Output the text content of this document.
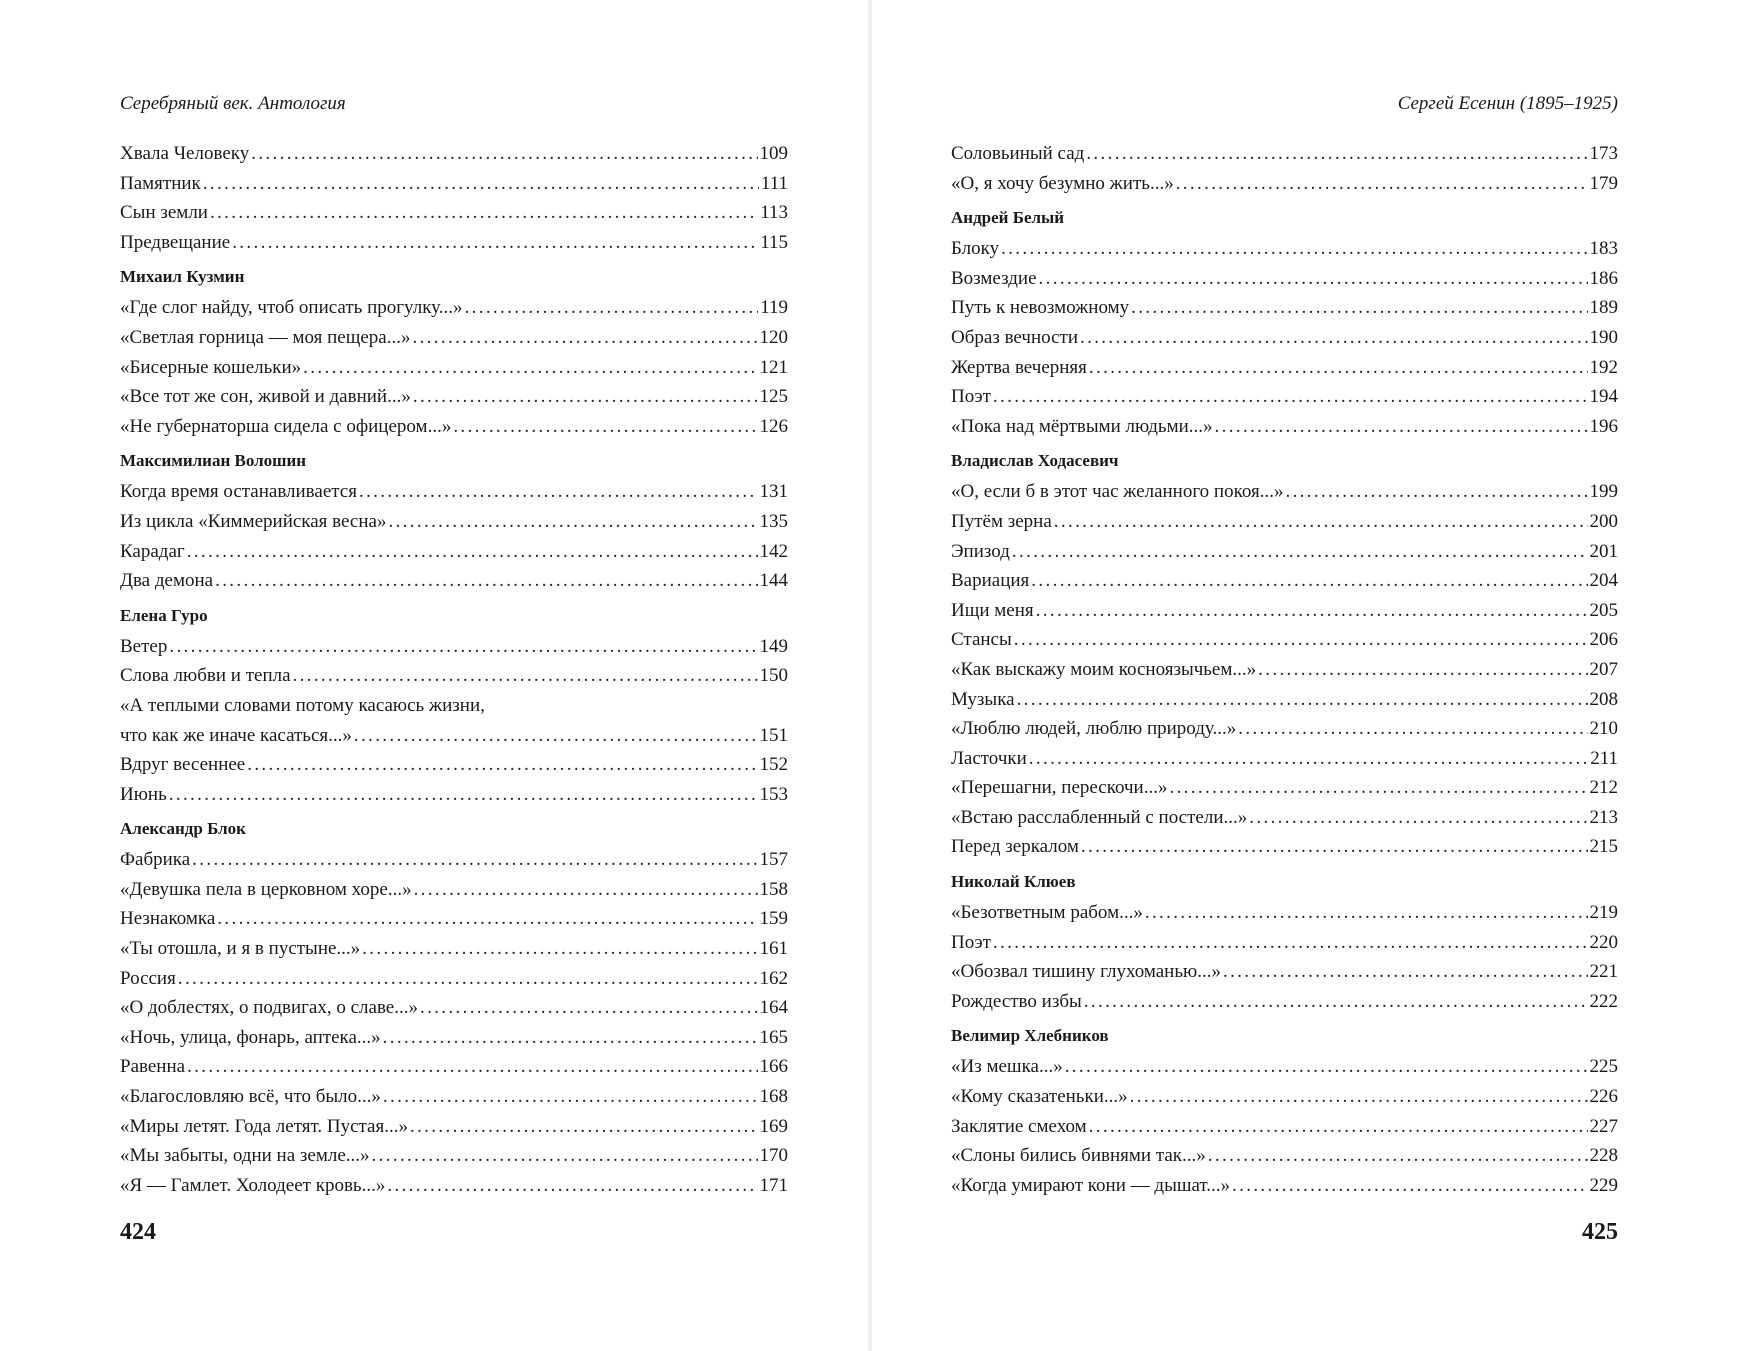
Серебряный век. Антология
Хвала Человеку . . .	109
Памятник . . .	111
Сын земли . . .	113
Предвещание . . .	115
Михаил Кузмин
«Где слог найду, чтоб описать прогулку...» . . .	119
«Светлая горница — моя пещера...» . . .	120
«Бисерные кошельки» . . .	121
«Все тот же сон, живой и давний...» . . .	125
«Не губернаторша сидела с офицером...» . . .	126
Максимилиан Волошин
Когда время останавливается . . .	131
Из цикла «Киммерийская весна» . . .	135
Карадаг . . .	142
Два демона . . .	144
Елена Гуро
Ветер . . .	149
Слова любви и тепла . . .	150
«А теплыми словами потому касаюсь жизни,
что как же иначе касаться...» . . .	151
Вдруг весеннее . . .	152
Июнь . . .	153
Александр Блок
Фабрика . . .	157
«Девушка пела в церковном хоре...» . . .	158
Незнакомка . . .	159
«Ты отошла, и я в пустыне...» . . .	161
Россия . . .	162
«О доблестях, о подвигах, о славе...» . . .	164
«Ночь, улица, фонарь, аптека...» . . .	165
Равенна . . .	166
«Благословляю всё, что было...» . . .	168
«Миры летят. Года летят. Пустая...» . . .	169
«Мы забыты, одни на земле...» . . .	170
«Я — Гамлет. Холодеет кровь...» . . .	171
424
Сергей Есенин (1895–1925)
Соловьиный сад . . .	173
«О, я хочу безумно жить...» . . .	179
Андрей Белый
Блоку . . .	183
Возмездие . . .	186
Путь к невозможному . . .	189
Образ вечности . . .	190
Жертва вечерняя . . .	192
Поэт . . .	194
«Пока над мёртвыми людьми...» . . .	196
Владислав Ходасевич
«О, если б в этот час желанного покоя...» . . .	199
Путём зерна . . .	200
Эпизод . . .	201
Вариация . . .	204
Ищи меня . . .	205
Стансы . . .	206
«Как выскажу моим косноязычьем...» . . .	207
Музыка . . .	208
«Люблю людей, люблю природу...» . . .	210
Ласточки . . .	211
«Перешагни, перескочи...» . . .	212
«Встаю расслабленный с постели...» . . .	213
Перед зеркалом . . .	215
Николай Клюев
«Безответным рабом...» . . .	219
Поэт . . .	220
«Обозвал тишину глухоманью...» . . .	221
Рождество избы . . .	222
Велимир Хлебников
«Из мешка...» . . .	225
«Кому сказатеньки...» . . .	226
Заклятие смехом . . .	227
«Слоны бились бивнями так...» . . .	228
«Когда умирают кони — дышат...» . . .	229
425
